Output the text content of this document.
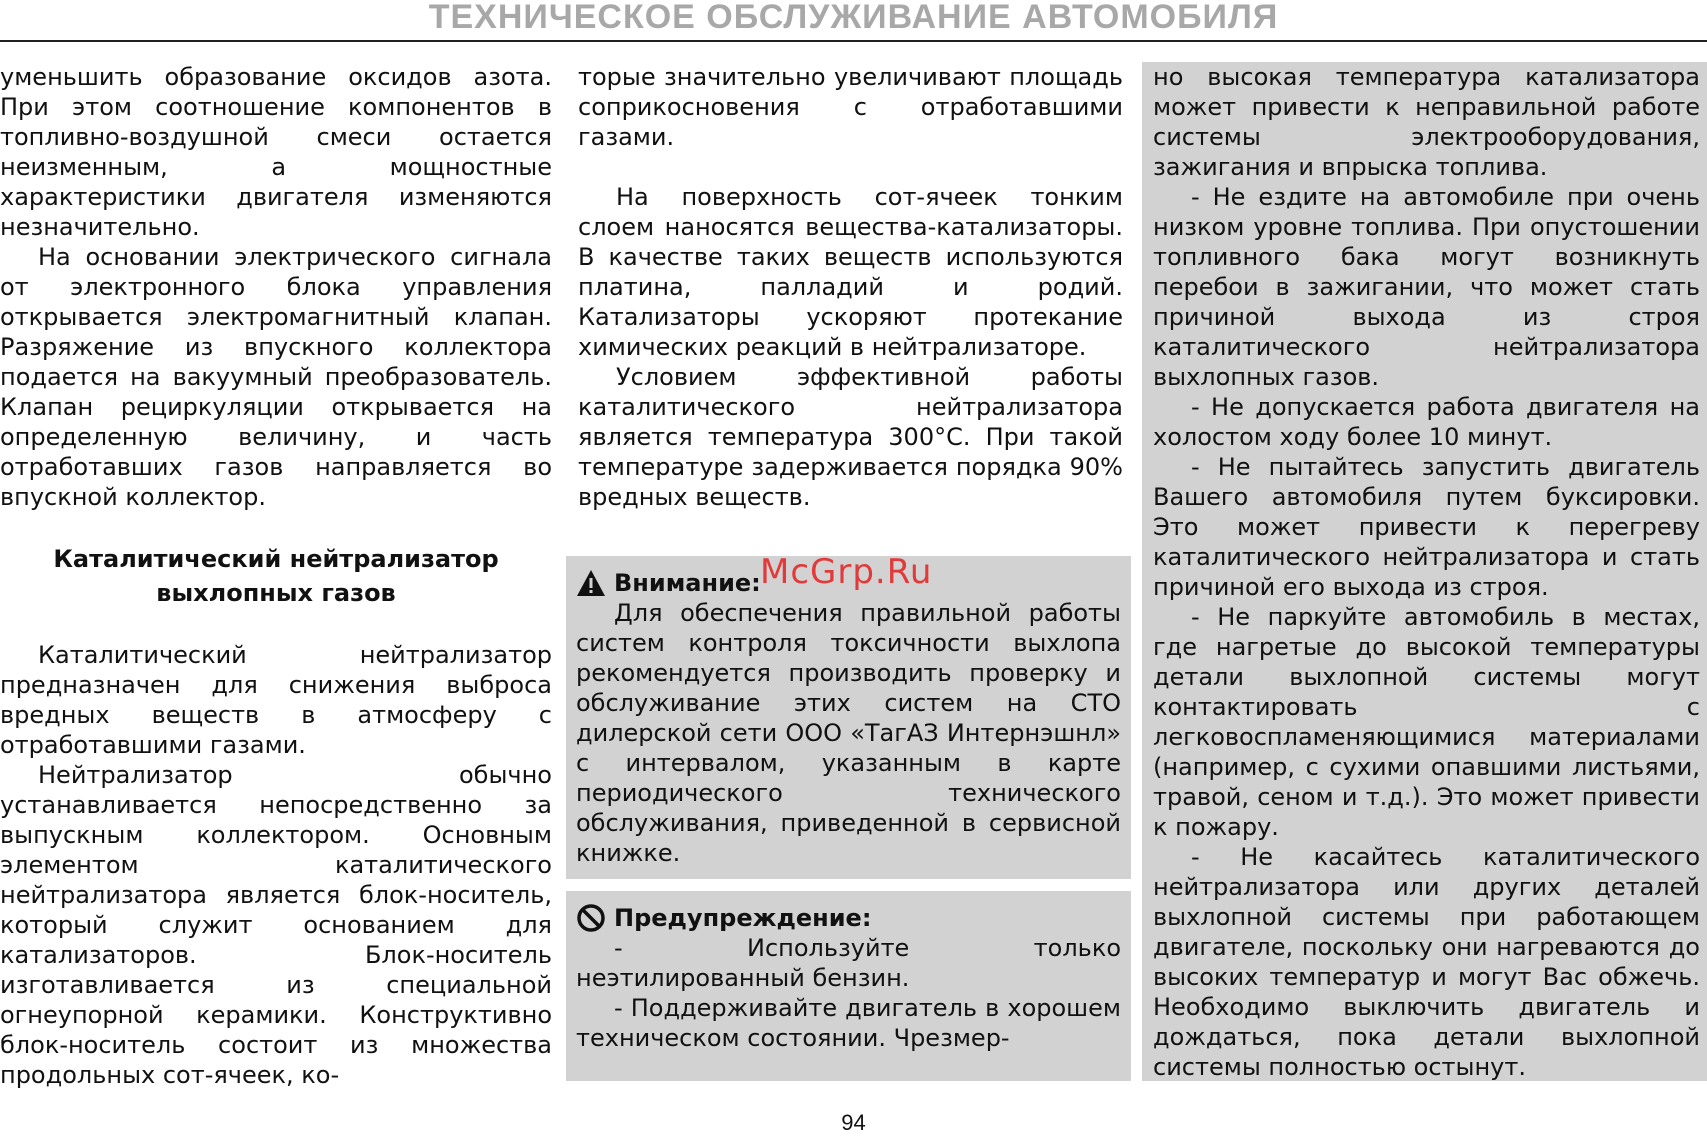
ТЕХНИЧЕСКОЕ ОБСЛУЖИВАНИЕ АВТОМОБИЛЯ

уменьшить образование оксидов азота. При этом соотношение компонентов в топливно-воздушной смеси остается неизменным, а мощностные характеристики двигателя изменяются незначительно.

На основании электрического сигнала от электронного блока управления открывается электромагнитный клапан. Разряжение из впускного коллектора подается на вакуумный преобразователь. Клапан рециркуляции открывается на определенную величину, и часть отработавших газов направляется во впускной коллектор.

Каталитический нейтрализатор выхлопных газов

Каталитический нейтрализатор предназначен для снижения выброса вредных веществ в атмосферу с отработавшими газами.

Нейтрализатор обычно устанавливается непосредственно за выпускным коллектором. Основным элементом каталитического нейтрализатора является блок-носитель, который служит основанием для катализаторов. Блок-носитель изготавливается из специальной огнеупорной керамики. Конструктивно блок-носитель состоит из множества продольных сот-ячеек, ко-

торые значительно увеличивают площадь соприкосновения с отработавшими газами.

На поверхность сот-ячеек тонким слоем наносятся вещества-катализаторы. В качестве таких веществ используются платина, палладий и родий. Катализаторы ускоряют протекание химических реакций в нейтрализаторе.

Условием эффективной работы каталитического нейтрализатора является температура 300°С. При такой температуре задерживается порядка 90% вредных веществ.

Внимание:

Для обеспечения правильной работы систем контроля токсичности выхлопа рекомендуется производить проверку и обслуживание этих систем на СТО дилерской сети ООО «ТагАЗ Интернэшнл» с интервалом, указанным в карте периодического технического обслуживания, приведенной в сервисной книжке.

Предупреждение:

- Используйте только неэтилированный бензин.

- Поддерживайте двигатель в хорошем техническом состоянии. Чрезмер-

но высокая температура катализатора может привести к неправильной работе системы электрооборудования, зажигания и впрыска топлива.

- Не ездите на автомобиле при очень низком уровне топлива. При опустошении топливного бака могут возникнуть перебои в зажигании, что может стать причиной выхода из строя каталитического нейтрализатора выхлопных газов.

- Не допускается работа двигателя на холостом ходу более 10 минут.

- Не пытайтесь запустить двигатель Вашего автомобиля путем буксировки. Это может привести к перегреву каталитического нейтрализатора и стать причиной его выхода из строя.

- Не паркуйте автомобиль в местах, где нагретые до высокой температуры детали выхлопной системы могут контактировать с легковоспламеняющимися материалами (например, с сухими опавшими листьями, травой, сеном и т.д.). Это может привести к пожару.

- Не касайтесь каталитического нейтрализатора или других деталей выхлопной системы при работающем двигателе, поскольку они нагреваются до высоких температур и могут Вас обжечь. Необходимо выключить двигатель и дождаться, пока детали выхлопной системы полностью остынут.

McGrp.Ru
94
